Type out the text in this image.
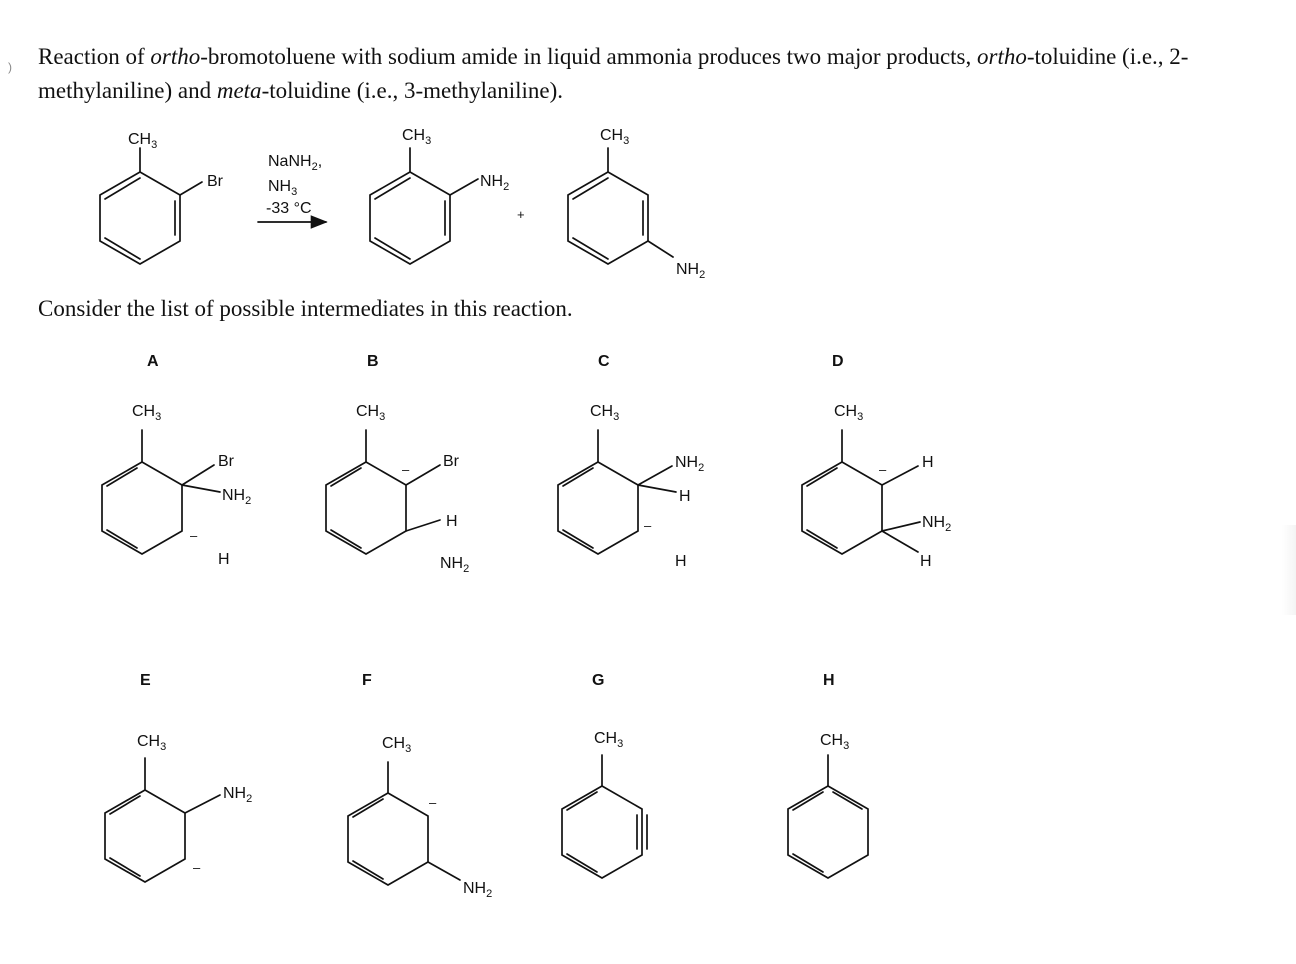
) Reaction of ortho-bromotoluene with sodium amide in liquid ammonia produces two major products, ortho-toluidine (i.e., 2-methylaniline) and meta-toluidine (i.e., 3-methylaniline).
Consider the list of possible intermediates in this reaction.
$CH_3$
Br
NaNH$_2$,
$NH_3$
-33 °C
$CH_3$
$NH_2$
+
$CH_3$
$NH_2$
A	B	C	D
$CH_3$
Br
$NH_2$
H
–
$CH_3$
Br
H
$NH_2$
–
$CH_3$
$NH_2$
H
H
–
$CH_3$
H
$NH_2$
H
–
E	F	G	H
$CH_3$
$NH_2$
–
$CH_3$
$NH_2$
–
$CH_3$	$CH_3$
